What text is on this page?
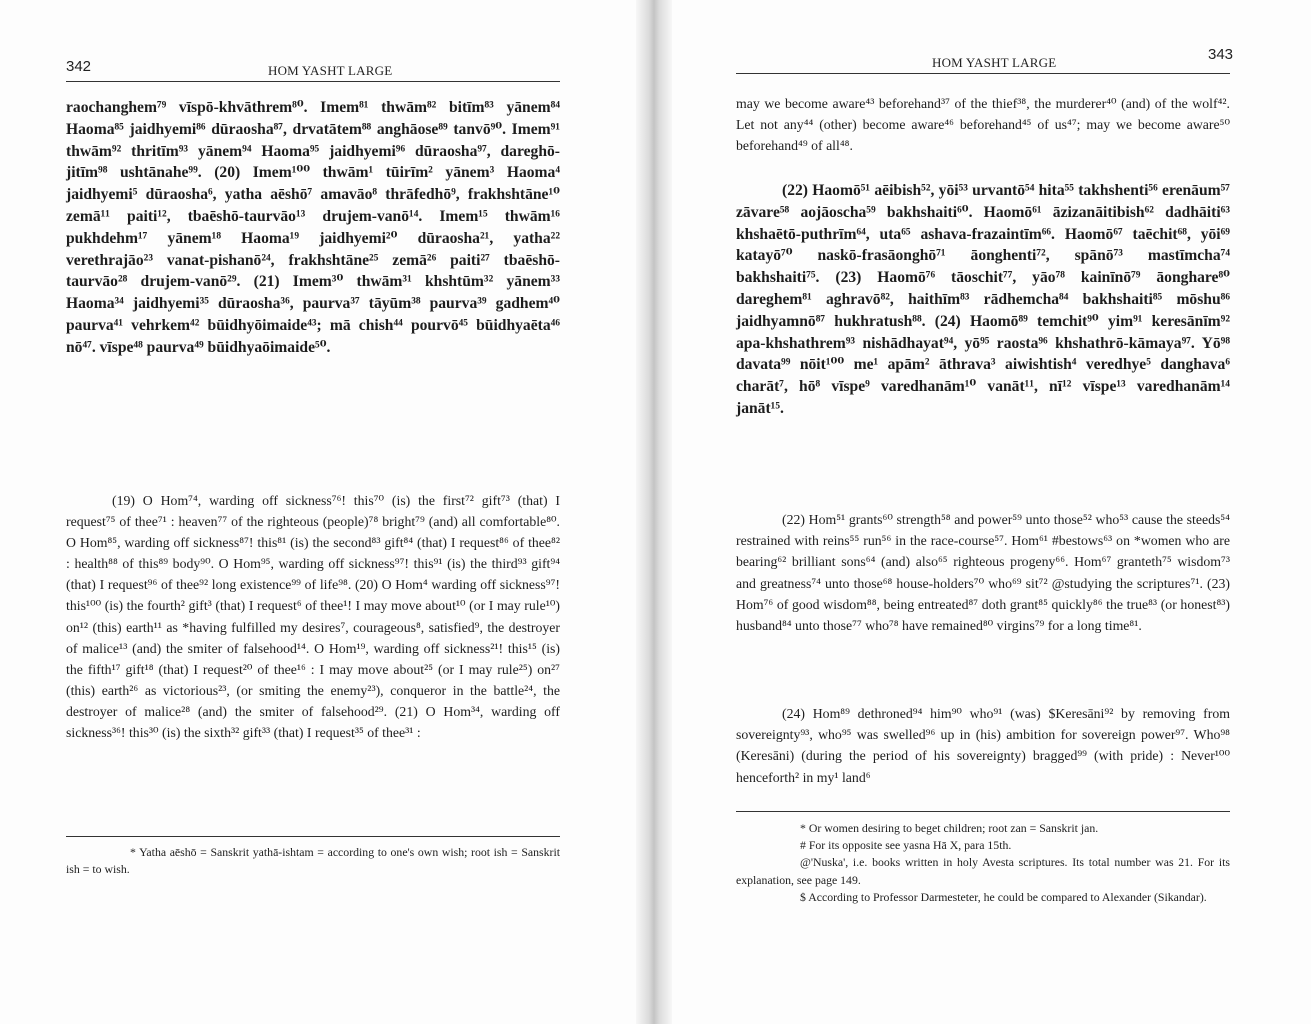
342	HOM YASHT LARGE
raochanghem⁷⁹ vīspō-khvāthrem⁸⁰. Imem⁸¹ thwām⁸² bitīm⁸³ yānem⁸⁴ Haoma⁸⁵ jaidhyemi⁸⁶ dūraosha⁸⁷, drvatātem⁸⁸ anghāose⁸⁹ tanvō⁹⁰. Imem⁹¹ thwām⁹² thritīm⁹³ yānem⁹⁴ Haoma⁹⁵ jaidhyemi⁹⁶ dūraosha⁹⁷, dareghō-jitīm⁹⁸ ushtānahe⁹⁹. (20) Imem¹⁰⁰ thwām¹ tūirīm² yānem³ Haoma⁴ jaidhyemi⁵ dūraosha⁶, yatha aēshō⁷ amavāo⁸ thrāfedhō⁹, frakhshtāne¹⁰ zemā¹¹ paiti¹², tbaēshō-taurvāo¹³ drujem-vanō¹⁴. Imem¹⁵ thwām¹⁶ pukhdehm¹⁷ yānem¹⁸ Haoma¹⁹ jaidhyemi²⁰ dūraosha²¹, yatha²² verethrajāo²³ vanat-pishanō²⁴, frakhshtāne²⁵ zemā²⁶ paiti²⁷ tbaēshō-taurvāo²⁸ drujem-vanō²⁹. (21) Imem³⁰ thwām³¹ khshtūm³² yānem³³ Haoma³⁴ jaidhyemi³⁵ dūraosha³⁶, paurva³⁷ tāyūm³⁸ paurva³⁹ gadhem⁴⁰ paurva⁴¹ vehrkem⁴² būidhyōimaide⁴³; mā chish⁴⁴ pourvō⁴⁵ būidhyaēta⁴⁶ nō⁴⁷. vīspe⁴⁸ paurva⁴⁹ būidhyaōimaide⁵⁰.
(19) O Hom⁷⁴, warding off sickness⁷⁶! this⁷⁰ (is) the first⁷² gift⁷³ (that) I request⁷⁵ of thee⁷¹ : heaven⁷⁷ of the righteous (people)⁷⁸ bright⁷⁹ (and) all comfortable⁸⁰. O Hom⁸⁵, warding off sickness⁸⁷! this⁸¹ (is) the second⁸³ gift⁸⁴ (that) I request⁸⁶ of thee⁸² : health⁸⁸ of this⁸⁹ body⁹⁰. O Hom⁹⁵, warding off sickness⁹⁷! this⁹¹ (is) the third⁹³ gift⁹⁴ (that) I request⁹⁶ of thee⁹² long existence⁹⁹ of life⁹⁸. (20) O Hom⁴ warding off sickness⁹⁷! this¹⁰⁰ (is) the fourth² gift³ (that) I request⁶ of thee¹! I may move about¹⁰ (or I may rule¹⁰) on¹² (this) earth¹¹ as *having fulfilled my desires⁷, courageous⁸, satisfied⁹, the destroyer of malice¹³ (and) the smiter of falsehood¹⁴. O Hom¹⁹, warding off sickness²¹! this¹⁵ (is) the fifth¹⁷ gift¹⁸ (that) I request²⁰ of thee¹⁶ : I may move about²⁵ (or I may rule²⁵) on²⁷ (this) earth²⁶ as victorious²³, (or smiting the enemy²³), conqueror in the battle²⁴, the destroyer of malice²⁸ (and) the smiter of falsehood²⁹. (21) O Hom³⁴, warding off sickness³⁶! this³⁰ (is) the sixth³² gift³³ (that) I request³⁵ of thee³¹ :

* Yatha aēshō = Sanskrit yathā-ishtam = according to one's own wish; root ish = Sanskrit ish = to wish.

343
HOM YASHT LARGE
may we become aware⁴³ beforehand³⁷ of the thief³⁸, the murderer⁴⁰ (and) of the wolf⁴². Let not any⁴⁴ (other) become aware⁴⁶ beforehand⁴⁵ of us⁴⁷; may we become aware⁵⁰ beforehand⁴⁹ of all⁴⁸.
(22) Haomō⁵¹ aēibish⁵², yōi⁵³ urvantō⁵⁴ hita⁵⁵ takhshenti⁵⁶ erenāum⁵⁷ zāvare⁵⁸ aojāoscha⁵⁹ bakhshaiti⁶⁰. Haomō⁶¹ āzizanāitibish⁶² dadhāiti⁶³ khshaētō-puthrīm⁶⁴, uta⁶⁵ ashava-frazaintīm⁶⁶. Haomō⁶⁷ taēchit⁶⁸, yōi⁶⁹ katayō⁷⁰ naskō-frasāonghō⁷¹ āonghenti⁷², spānō⁷³ mastīmcha⁷⁴ bakhshaiti⁷⁵. (23) Haomō⁷⁶ tāoschit⁷⁷, yāo⁷⁸ kainīnō⁷⁹ āonghare⁸⁰ dareghem⁸¹ aghravō⁸², haithīm⁸³ rādhemcha⁸⁴ bakhshaiti⁸⁵ mōshu⁸⁶ jaidhyamnō⁸⁷ hukhratush⁸⁸. (24) Haomō⁸⁹ temchit⁹⁰ yim⁹¹ keresānīm⁹² apa-khshathrem⁹³ nishādhayat⁹⁴, yō⁹⁵ raosta⁹⁶ khshathrō-kāmaya⁹⁷. Yō⁹⁸ davata⁹⁹ nōit¹⁰⁰ me¹ apām² āthrava³ aiwishtish⁴ veredhye⁵ danghava⁶ charāt⁷, hō⁸ vīspe⁹ varedhanām¹⁰ vanāt¹¹, nī¹² vīspe¹³ varedhanām¹⁴ janāt¹⁵.
(22) Hom⁵¹ grants⁶⁰ strength⁵⁸ and power⁵⁹ unto those⁵² who⁵³ cause the steeds⁵⁴ restrained with reins⁵⁵ run⁵⁶ in the race-course⁵⁷. Hom⁶¹ #bestows⁶³ on *women who are bearing⁶² brilliant sons⁶⁴ (and) also⁶⁵ righteous progeny⁶⁶. Hom⁶⁷ granteth⁷⁵ wisdom⁷³ and greatness⁷⁴ unto those⁶⁸ house-holders⁷⁰ who⁶⁹ sit⁷² @studying the scriptures⁷¹. (23) Hom⁷⁶ of good wisdom⁸⁸, being entreated⁸⁷ doth grant⁸⁵ quickly⁸⁶ the true⁸³ (or honest⁸³) husband⁸⁴ unto those⁷⁷ who⁷⁸ have remained⁸⁰ virgins⁷⁹ for a long time⁸¹.
(24) Hom⁸⁹ dethroned⁹⁴ him⁹⁰ who⁹¹ (was) $Keresāni⁹² by removing from sovereignty⁹³, who⁹⁵ was swelled⁹⁶ up in (his) ambition for sovereign power⁹⁷. Who⁹⁸ (Keresāni) (during the period of his sovereignty) bragged⁹⁹ (with pride) : Never¹⁰⁰ henceforth² in my¹ land⁶

* Or women desiring to beget children; root zan = Sanskrit jan.

# For its opposite see yasna Hā X, para 15th.

@'Nuska', i.e. books written in holy Avesta scriptures. Its total number was 21. For its explanation, see page 149.

$ According to Professor Darmesteter, he could be compared to Alexander (Sikandar).
